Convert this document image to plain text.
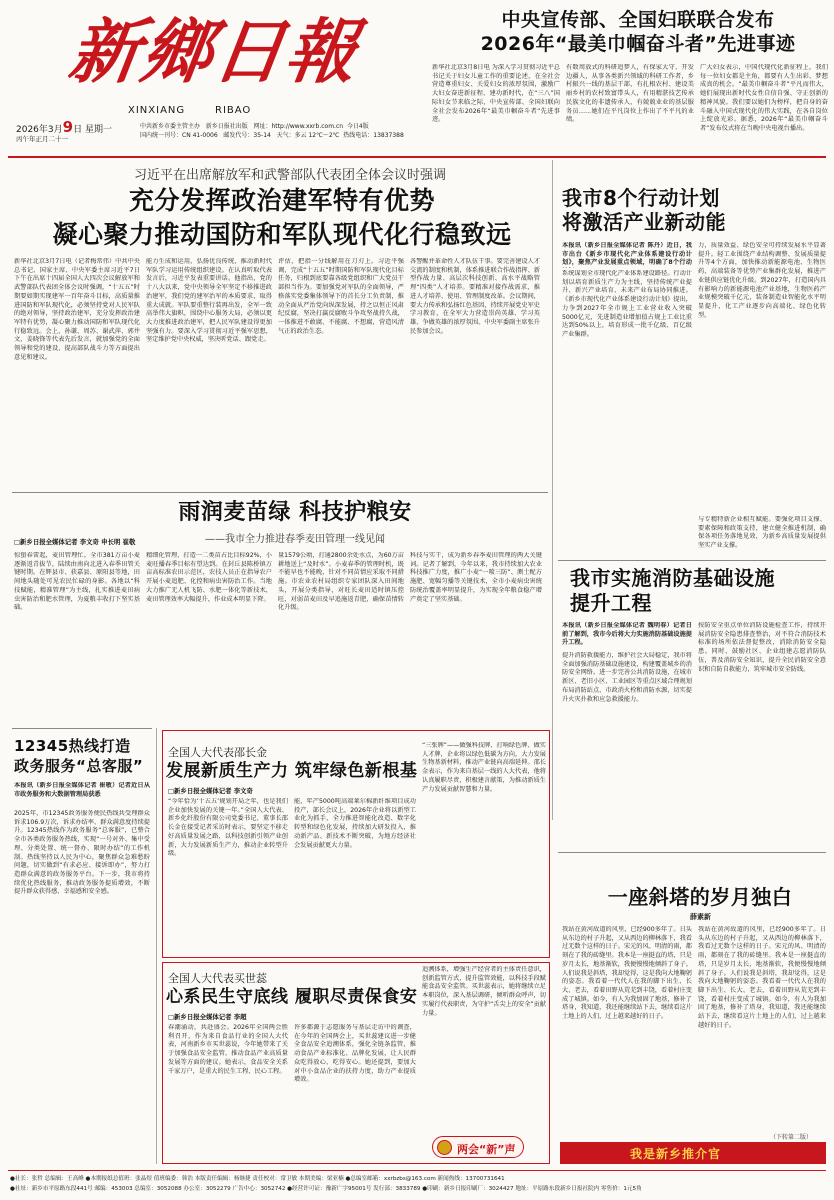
新鄉日報
XINXIANG	RIBAO
2026年3月9日 星期一
丙午年正月二十一
中共新乡市委主管主办 新乡日报社出版 网址：http://www.xxrb.com.cn 今日4版
国内统一刊号：CN 41-0006 邮发代号：35-14 天气：多云 12℃～2℃ 热线电话：13837388
中央宣传部、全国妇联联合发布
2026年“最美巾帼奋斗者”先进事迹
新华社北京3月8日电 为深入学习贯彻习近平总书记关于妇女儿童工作的重要论述，在全社会营造尊重妇女、关爱妇女的浓厚氛围，激励广大妇女奋进新征程、建功新时代，在“三八”国际妇女节来临之际，中央宣传部、全国妇联向全社会发布2026年“最美巾帼奋斗者”先进事迹。
有数周放式的科研追梦人，有保家大守、开发边疆人，从事各类新兴领域的科研工作者，乡村振兴一线的基层干部，有扎根农村、建设美丽乡村的农村致富带头人，有用精湛技艺传承民族文化的非遗传承人，有兢兢业业的基层服务员……她们在平凡岗位上作出了不平凡的业绩。
广大妇女表示，中国代现代化新征程上，我们每一位妇女都是主角，都要有人生出彩、梦想成真的机会。“最美巾帼奋斗者”平凡而伟大，她们展现出新时代女性自信自强、守正创新的精神风貌。我们要以她们为榜样，把自身的奋斗融入中国式现代化的伟大实践，在各自岗位上绽放光彩。据悉，2026年“最美巾帼奋斗者”发布仪式将在当晚中央电视台播出。
习近平在出席解放军和武警部队代表团全体会议时强调
充分发挥政治建军特有优势
凝心聚力推动国防和军队现代化行稳致远
新华社北京3月7日电（记者梅常伟）中共中央总书记、国家主席、中央军委主席习近平7日下午在出席十四届全国人大四次会议解放军和武警部队代表团全体会议时强调，“十五五”时期要如期实现建军一百年奋斗目标，高质量推进国防和军队现代化，必须坚持党对人民军队的绝对领导，坚持政治建军，充分发挥政治建军特有优势，凝心聚力推动国防和军队现代化行稳致远。会上，孙谦、周苏、谢武萍、郭井文、姜晓锋等代表先后发言，就加强党的全面领导和党的建设、提高部队战斗力等方面提出意见和建议。
能力生成和运用，弘扬优良传统，推动新时代军队学习运用传统组织建设。在认真听取代表发言后，习近平发表重要讲话。他指出，党的十八大以来，党中央领导全军坚定不移推进政治建军，我们党的建军治军的本质要求，取得重大成就。军队要重整行装再出发，全军一致高举伟大旗帜，围绕中心服务大局，必须以更大力度推进政治建军，把人民军队建设得更加坚强有力。要深入学习贯彻习近平强军思想，坚定维护党中央权威，坚决听党话、跟党走。
评估，把指一分线解用在刀刃上。习近平强调，完成“十五五”时期国防和军队现代化目标任务，归根到底要靠各级党组织和广大党员干部担当作为。要加强党对军队的全面领导，严格落实党委集体领导下的首长分工负责制，推动全面从严治党向纵深发展，持之以恒正风肃纪反腐，坚决打赢反腐败斗争攻坚战持久战，一体推进不敢腐、不能腐、不想腐，营造风清气正的政治生态。
各警醒并革命性人才队伍干事。要完善建设人才交流的制度和机制，体系推进联合作战指挥、新型作战力量、高层次科技创新、高水平战略管理“四类”人才培养。要精准对接作战需求，推进人才培养、使用、管理制度改革。会议期间，要大力传承和弘扬红色基因，持续开展党史军史学习教育，在全军大力营造崇尚英雄、学习英雄、争做英雄的浓厚氛围。中央军委副主席张升民参加会议。
我市8个行动计划
将激活产业新动能
本报讯（新乡日报全媒体记者 陈丹）近日，我市出台《新乡市现代化产业体系建设行动计划》，聚焦产业发展重点领域，明确了8个行动
系统谋划全市现代化产业体系建设路径。行动计划以培育新质生产力为主线，坚持传统产业提升、新兴产业培育、未来产业布局协同推进。《新乡市现代化产业体系建设行动计划》提出，力争到2027年全市规上工业营业收入突破5000亿元，先进制造业增加值占规上工业比重达到50%以上，培育形成一批千亿级、百亿级产业集群。
力，质量效益、绿色安全可持续发展水平显著提升。轻工业围绕产业结构调整、发展质量提升等4个方面，加快推动新能源电池、生物医药、高端装备等优势产业集群化发展，推进产业链供应链优化升级。到2027年，打造国内具有影响力的新能源电池产业基地，生物医药产业规模突破千亿元，装备制造业智能化水平明显提升，化工产业逐步向高端化、绿色化转型。
与专精特新企业相互赋能。要强化项目支撑、要素保障和政策支持，建立健全推进机制，确保各项任务落地见效，为新乡高质量发展提供坚实产业支撑。
雨润麦苗绿 科技护粮安
——我市全力推进春季麦田管理一线见闻
□新乡日报全媒体记者 李文奇 申长明 崔敬
惊蛰春雷起，麦田管理忙。全市381万亩小麦逐渐返青拔节，陆续由南向北进入春季田管关键时期。在辉县市、获嘉县、原阳县等地，田间地头随处可见农民忙碌的身影。各地以“科技赋能，精准管理”为主线，扎实推进麦田病虫害防治和肥水管理，为夏粮丰收打下坚实基础。
精细化管理、打造一二类苗占比目标92%，小麦旺播春季目标有望达到。在封丘县陈桥镇万亩高标准农田示范区，农技人员正在指导农户开展小麦追肥、化控和病虫害防治工作。当地大力推广无人机飞防、水肥一体化等新技术，麦田管理效率大幅提升，作业成本明显下降。
量1579公顷，打通2800余处水点，为60万亩耕地送上“及时水”。小麦春季的管理时机，既不能早也不能晚，针对不同苗情应采取不同措施。市农业农村局组织专家团队深入田间地头，开展分类指导，对旺长麦田适时镇压控旺，对弱苗麦田及早追施返青肥，确保苗情转化升级。
科技与实干，成为新乡春季麦田管理的两大关键词。记者了解到，今年以来，我市持续加大农业科技推广力度，推广小麦“一喷三防”、测土配方施肥、宽幅匀播等关键技术，全市小麦病虫害统防统治覆盖率明显提升，为实现全年粮食稳产增产奠定了坚实基础。
我市实施消防基础设施
提升工程
本报讯（新乡日报全媒体记者 魏明春）记者日前了解到，我市今后将大力实施消防基础设施提升工程。
提升消防救援能力，维护社会大局稳定，我市将全面加强消防基础设施建设，构建覆盖城乡的消防安全网络。进一步完善公共消防设施，在城市新区、老旧小区、工业园区等重点区域合理规划布局消防站点、市政消火栓和消防水源，切实提升火灾扑救和应急救援能力。
按防安全重点单位消防设施检查工作，持续开展消防安全隐患排查整治，对不符合消防技术标准的场所依法督促整改，消除消防安全隐患。同时，鼓励社区、企业组建志愿消防队伍，普及消防安全知识，提升全民消防安全意识和自防自救能力，筑牢城市安全防线。
12345热线打造
政务服务“总客服”
本报讯（新乡日报全媒体记者 崔敬）记者近日从市政务服务和大数据管理局获悉
2025年，市12345政务服务便民热线共受理群众诉求106.9万次，诉求办结率、群众满意度持续提升。12345热线作为政务服务“总客服”，已整合全市各类政务服务热线，实现“一号对外、集中受理、分类处置、统一督办、限时办结”的工作机制。热线坚持以人民为中心，聚焦群众急难愁盼问题，切实做到“有求必应、接诉即办”，努力打造群众满意的政务服务平台。下一步，我市将持续优化热线服务，推动政务服务提质增效，不断提升群众获得感、幸福感和安全感。
全国人大代表邵长金
发展新质生产力 筑牢绿色新根基
□新乡日报全媒体记者 李文奇
“今年恰为‘十五五’规划开局之年，也是我们企业加快发展的关键一年。”全国人大代表、新乡化纤股份有限公司党委书记、董事长邵长金在接受记者采访时表示，要坚定不移走好高质量发展之路，以科技创新引领产业创新，大力发展新质生产力，推动企业转型升级。
能，年产5000吨高端莱尔棉新纤维项目成功投产，部长会议上，2026年企业将以新型工业化为抓手，全力推进智能化改造、数字化转型和绿色化发展，持续加大研发投入，推动新产品、新技术不断突破，为地方经济社会发展贡献更大力量。
“三张牌”——做强科技牌、打响绿色牌、做实人才牌，企业将以绿色低碳为方向，大力发展生物基新材料，推动产业链向高端延伸。邵长金表示，作为来自基层一线的人大代表，他将认真履职尽责，积极建言献策，为推动新质生产力发展贡献智慧和力量。
全国人大代表买世蕊
心系民生守底线 履职尽责保食安
□新乡日报全媒体记者 李超
春潮涌动，共赴盛会。2026年全国两会胜利召开，作为来自食品行业的全国人大代表，河南新乡市买世蕊说，今年她带来了关于加强食品安全监管、推动食品产业高质量发展等方面的建议。她表示，食品安全关系千家万户，是重大的民生工程、民心工程。
许多都源于志愿服务与基层走访中的调查，在今年的全国两会上，买世蕊建议进一步健全食品安全追溯体系，强化全链条监管，推动食品产业标准化、品牌化发展，让人民群众吃得放心、吃得安心。她还提到，要加大对中小食品企业的扶持力度，助力产业提质增效。
追溯体系，增强生产经营者的主体责任意识，创新监管方式，提升监管效能，以科技手段赋能食品安全监管。买世蕊表示，她将继续立足本职岗位，深入基层调研，倾听群众呼声，切实履行代表职责，为守护“舌尖上的安全”贡献力量。
两会“新”声
一座斜塔的岁月独白
薛素新
我站在黄河故道的风里，已经900多年了。日头从东边的村子升起，又从西边的柳林落下，我看过无数个这样的日子。宋元的风、明清的雨，都刻在了我的砖缝里。我本是一座挺直的塔，只是岁月太长，地基渐软，我便慢慢地倾斜了身子。人们说我是斜塔，我却觉得，这是我向大地鞠躬的姿态。我看着一代代人在我的脚下出生、长大、老去，看着田野从荒芜到丰饶，看着村庄变成了城镇。如今，有人为我加固了地基，修补了塔身，我知道，我还能继续站下去，继续看这片土地上的人们，过上越来越好的日子。
我站在黄河故道的风里，已经900多年了。日头从东边的村子升起，又从西边的柳林落下，我看过无数个这样的日子。宋元的风、明清的雨，都刻在了我的砖缝里。我本是一座挺直的塔，只是岁月太长，地基渐软，我便慢慢地倾斜了身子。人们说我是斜塔，我却觉得，这是我向大地鞠躬的姿态。我看着一代代人在我的脚下出生、长大、老去，看着田野从荒芜到丰饶，看着村庄变成了城镇。如今，有人为我加固了地基，修补了塔身，我知道，我还能继续站下去，继续看这片土地上的人们，过上越来越好的日子。
（下转第二版）
我是新乡推介官
●社长：张哲 总编辑：王高峰 ●本期报纸总值班：张晶煜 值班编委：韩浩 本版责任编辑：杨继捷 责任校对：常卫敏 本期美编：梁亚楠 ●总编室邮箱：xxrbzbs@163.com 新闻热线：13700731641
●社址：新乡市平原路东段441号 邮编：453003 总编室：3052088 办公室：3052279 广告中心：3052742 ●经营许可证：豫新广字95001号 发行部：3833789 ●印刷：新乡日报印刷厂：3024427 地址：平原路东段新乡日报社院内 零售价：1元5角
